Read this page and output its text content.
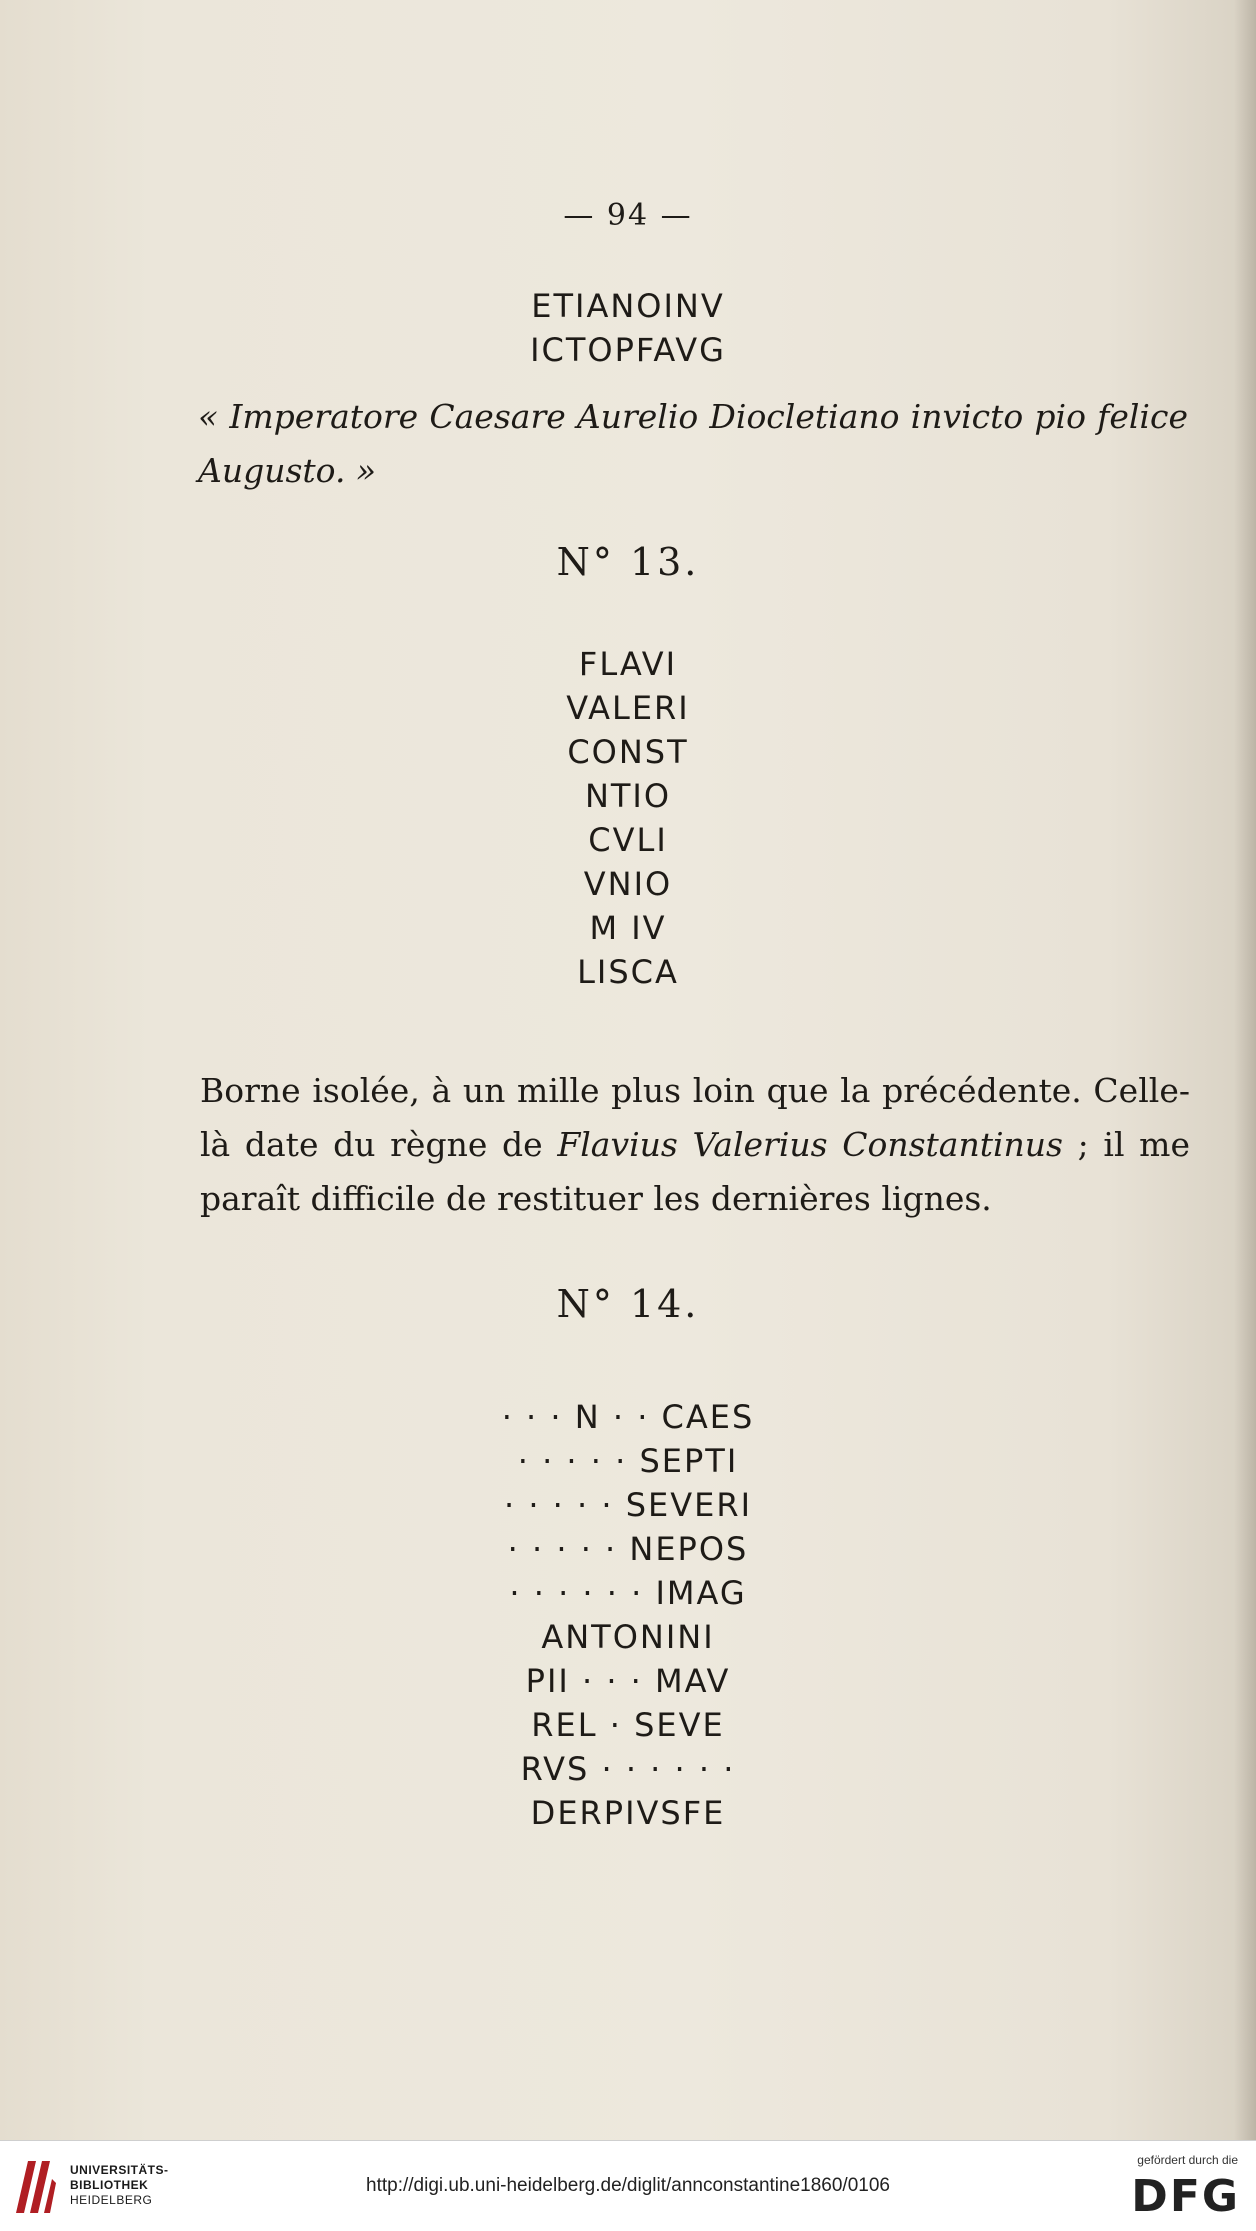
— 94 —
ETIANOINV
ICTOPFAVG
« Imperatore Caesare Aurelio Diocletiano invicto pio felice Augusto. »
N° 13.
FLAVI
VALERI
CONST
NTIO
CVLI
VNIO
M IV
LISCA
Borne isolée, à un mille plus loin que la précédente. Celle-là date du règne de Flavius Valerius Constantinus ; il me paraît difficile de restituer les dernières lignes.
N° 14.
· · · N · · CAES
· · · · · SEPTI
· · · · · SEVERI
· · · · · NEPOS
· · · · · · IMAG
ANTONINI
PII · · · MAV
REL · SEVE
RVS · · · · · ·
DERPIVSFE
UNIVERSITÄTS-
BIBLIOTHEK
HEIDELBERG
http://digi.ub.uni-heidelberg.de/diglit/annconstantine1860/0106
gefördert durch die
DFG
